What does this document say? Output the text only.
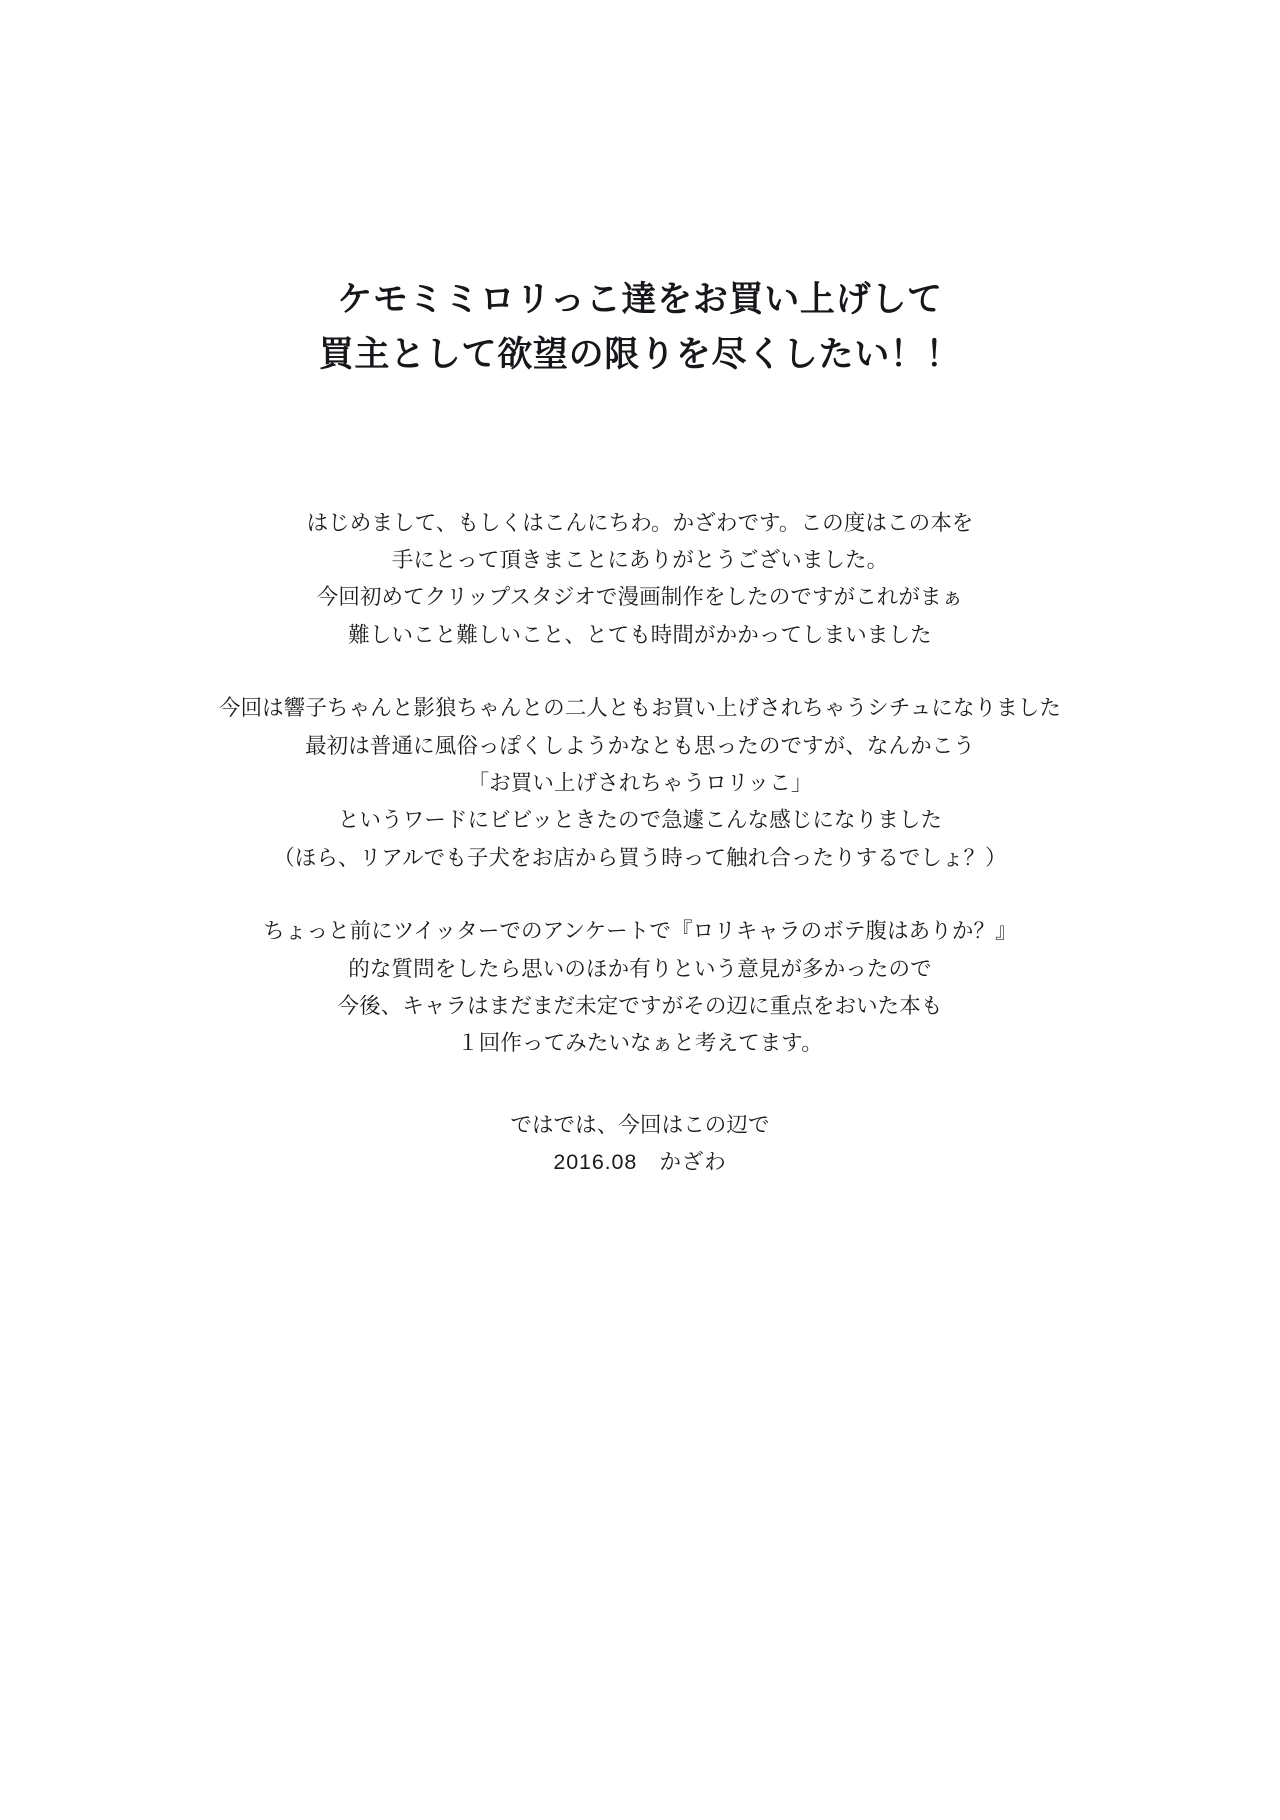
ケモミミロリっこ達をお買い上げして
買主として欲望の限りを尽くしたい！！

はじめまして、もしくはこんにちわ。かざわです。この度はこの本を
手にとって頂きまことにありがとうございました。
今回初めてクリップスタジオで漫画制作をしたのですがこれがまぁ
難しいこと難しいこと、とても時間がかかってしまいました

今回は響子ちゃんと影狼ちゃんとの二人ともお買い上げされちゃうシチュになりました
最初は普通に風俗っぽくしようかなとも思ったのですが、なんかこう
「お買い上げされちゃうロリッこ」
というワードにビビッときたので急遽こんな感じになりました
（ほら、リアルでも子犬をお店から買う時って触れ合ったりするでしょ？）

ちょっと前にツイッターでのアンケートで『ロリキャラのボテ腹はありか？』
的な質問をしたら思いのほか有りという意見が多かったので
今後、キャラはまだまだ未定ですがその辺に重点をおいた本も
１回作ってみたいなぁと考えてます。

ではでは、今回はこの辺で
2016.08　かざわ
